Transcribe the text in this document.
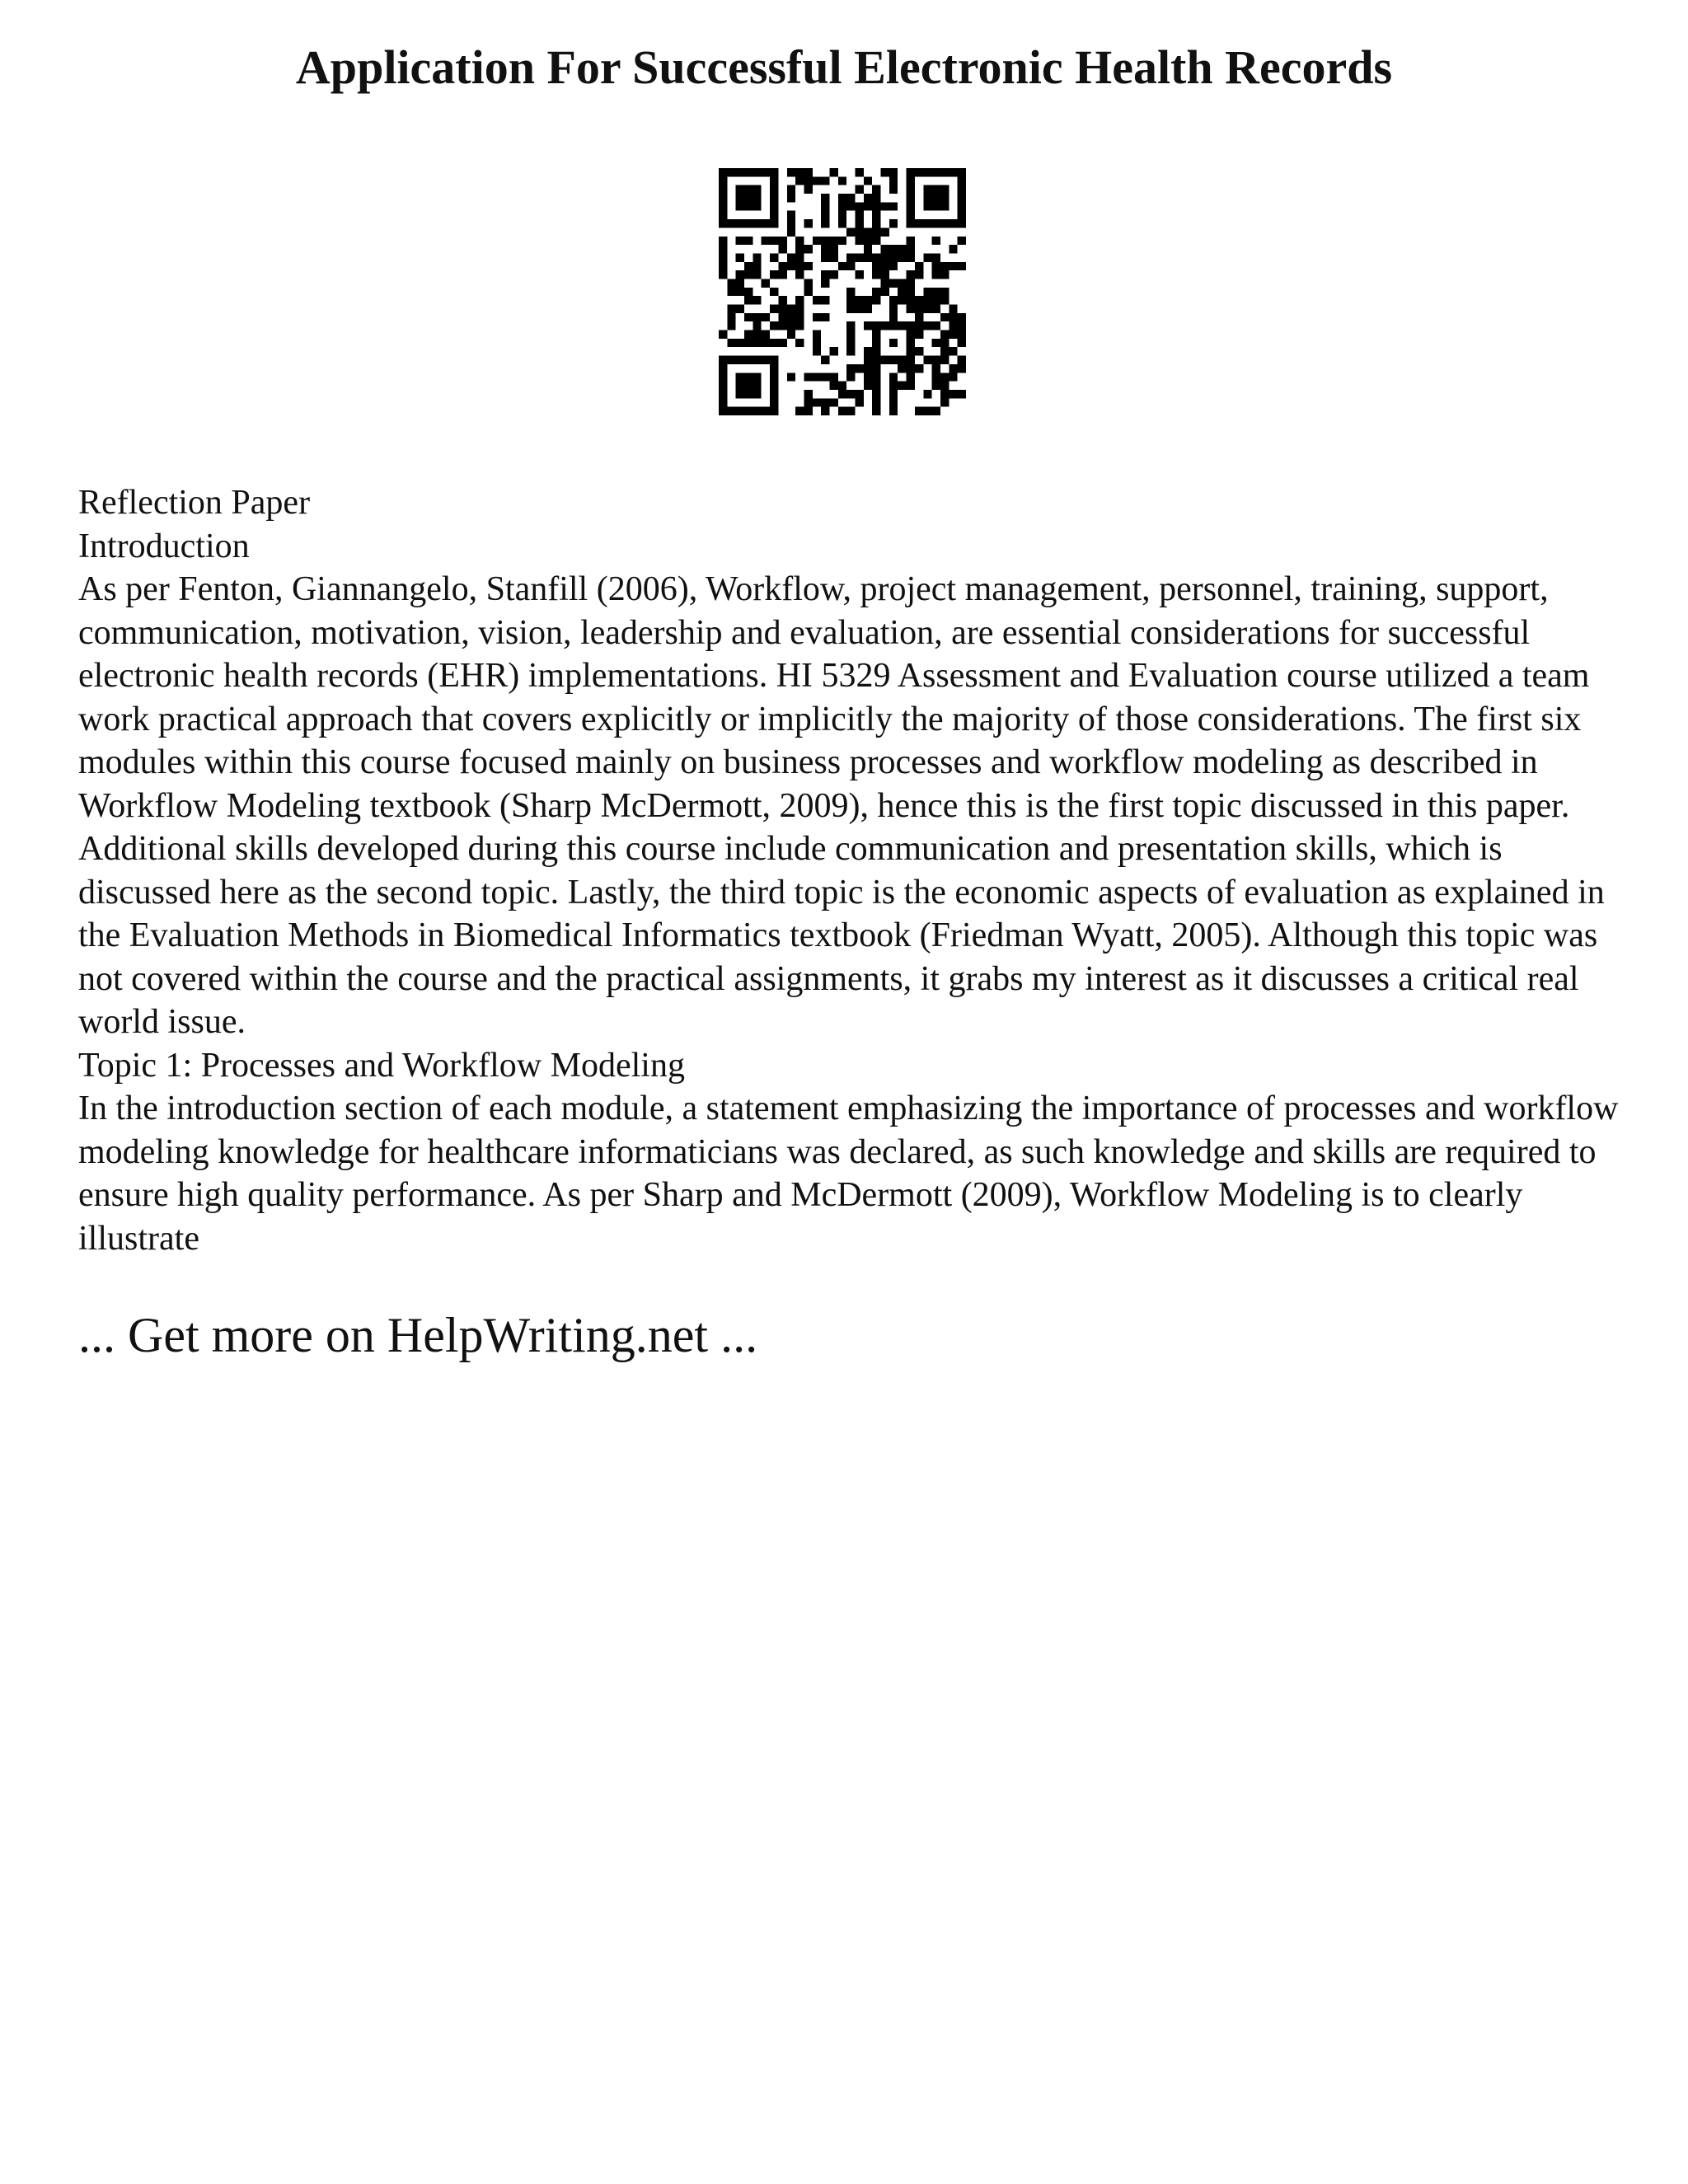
Application For Successful Electronic Health Records

Reflection Paper

Introduction

As per Fenton, Giannangelo, Stanfill (2006), Workflow, project management, personnel, training, support, communication, motivation, vision, leadership and evaluation, are essential considerations for successful electronic health records (EHR) implementations. HI 5329 Assessment and Evaluation course utilized a team work practical approach that covers explicitly or implicitly the majority of those considerations. The first six modules within this course focused mainly on business processes and workflow modeling as described in Workflow Modeling textbook (Sharp McDermott, 2009), hence this is the first topic discussed in this paper. Additional skills developed during this course include communication and presentation skills, which is discussed here as the second topic. Lastly, the third topic is the economic aspects of evaluation as explained in the Evaluation Methods in Biomedical Informatics textbook (Friedman Wyatt, 2005). Although this topic was not covered within the course and the practical assignments, it grabs my interest as it discusses a critical real world issue.

Topic 1: Processes and Workflow Modeling

In the introduction section of each module, a statement emphasizing the importance of processes and workflow modeling knowledge for healthcare informaticians was declared, as such knowledge and skills are required to ensure high quality performance. As per Sharp and McDermott (2009), Workflow Modeling is to clearly illustrate

... Get more on HelpWriting.net ...
